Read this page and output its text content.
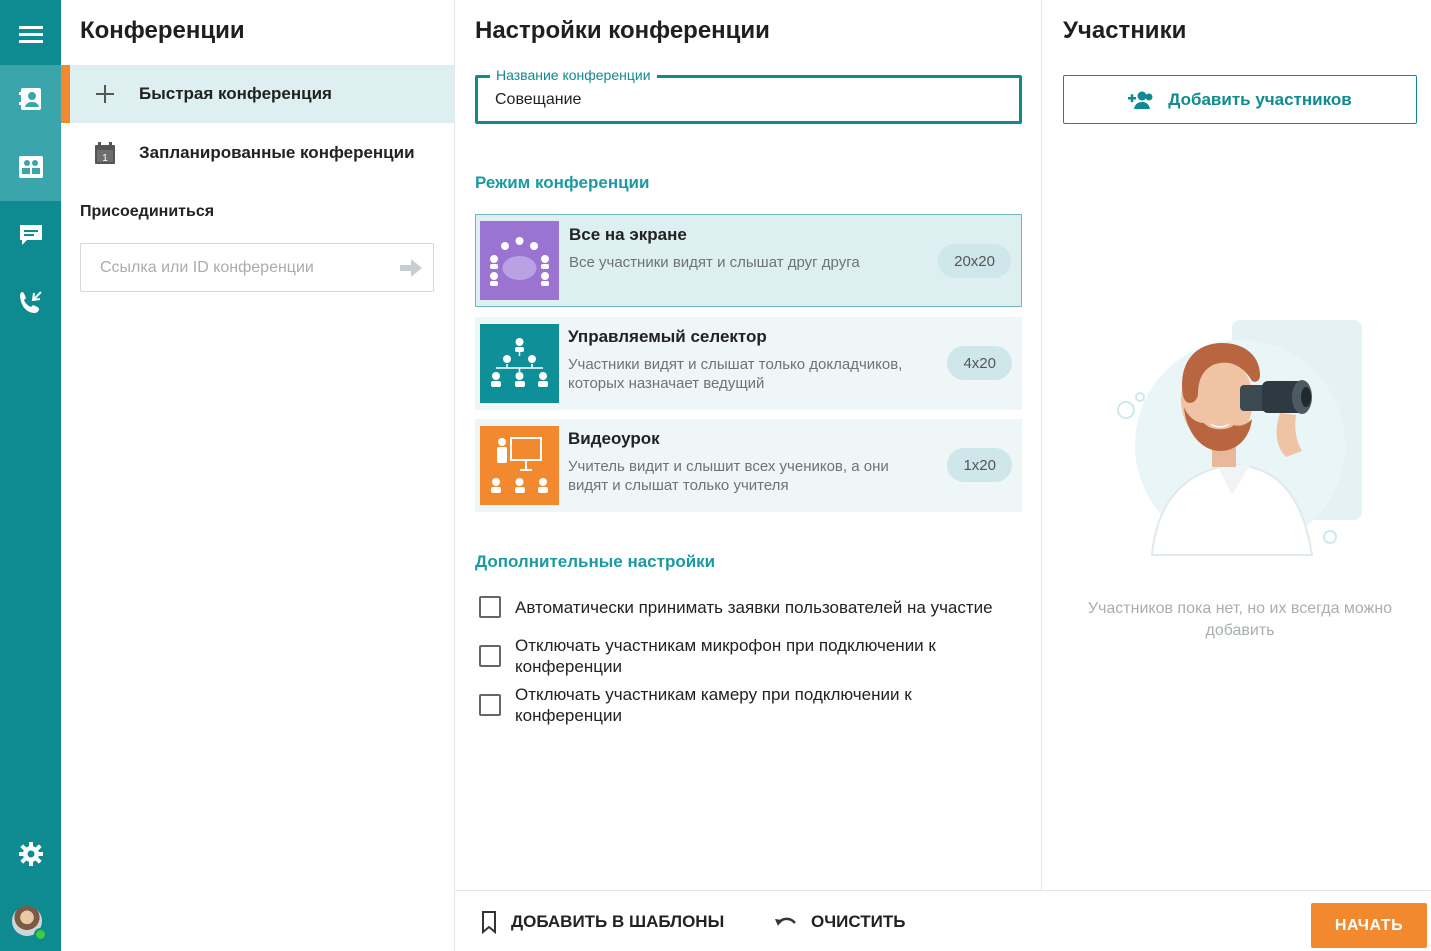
Конференции
Быстрая конференция
1 Запланированные конференции
Присоединиться
Ссылка или ID конференции
Настройки конференции
Название конференции
Совещание
Режим конференции
Все на экране
Все участники видят и слышат друг друга	20x20
Управляемый селектор
Участники видят и слышат только докладчиков, которых назначает ведущий
4x20
Видеоурок
Учитель видит и слышит всех учеников, а они видят и слышат только учителя
1x20
Дополнительные настройки
Автоматически принимать заявки пользователей на участие
Отключать участникам микрофон при подключении к конференции
Отключать участникам камеру при подключении к конференции
Участники
Добавить участников
Участников пока нет, но их всегда можно добавить
ДОБАВИТЬ В ШАБЛОНЫ	ОЧИСТИТЬ	НАЧАТЬ
